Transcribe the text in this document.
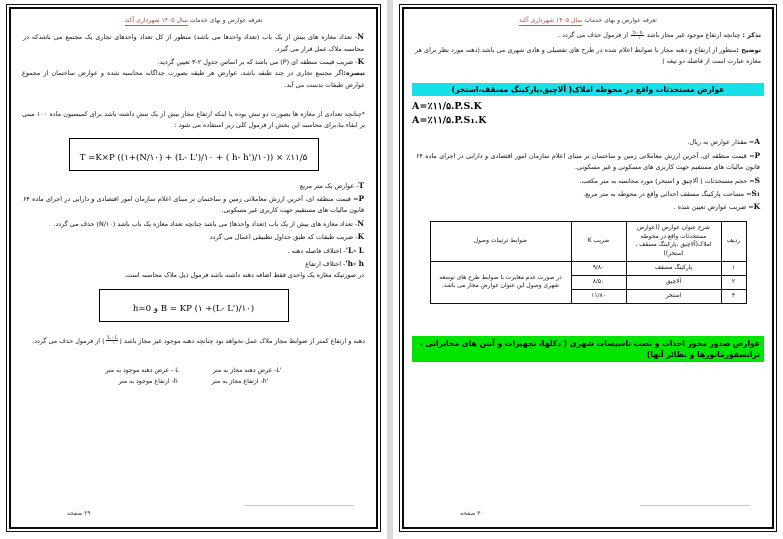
تعرفه عوارض و بهای خدمات سال ۱۴۰۵ شهرداری آکند

تذکر : چنانچه ارتفاع موجود غیر مجاز باشد
$\frac{h - h'}{۱۰}$
از فرمول حذف می گردد .

توضیح :منظور از ارتفاع و دهنه مجاز با ضوابط اعلام شده در طرح های تفصیلی و هادی شهری می باشد.(دهنه مورد نظر برای هر مغازه عبارت است از فاصله دو تیغه )

عوارض مستحدثات واقع در محوطه املاک( آلاچیق،پارکینگ مسقف،استخر)
A=٪۱۱/۵.P.S.K
A=٪۱۱/۵.P.S₁.K

A= مقدار عوارض به ریال.

P= قیمت منطقه ای، آخرین ارزش معاملاتی زمین و ساختمان بر مبنای اعلام سازمان امور اقتصادی و دارایی در اجرای ماده ۶۴ قانون مالیات های مستقیم جهت کاربری های مسکونی و غیر مسکونی.

S= حجم مستحدثات ( آلاچیق و استخر) مورد محاسبه به متر مکعب.

S₁= مساحت پارکینگ مسقف احداثی واقع در محوطه به متر مربع.

K= ضریب عوارض تعیین شده .

ردیف	شرح عنوان عوارض ((عوارض مستحدثات واقع در محوطه املاک(آلاچیق ،پارکینگ مسقف ، استخر))	ضریب K	ضوابط ترتیبات وصول
۱	پارکینگ مسقف	۹/۸۰	در صورت عدم مغایرت با ضوابط طرح های توسعه شهری وصول این عنوان عوارض مجاز می باشد.
۲	آلاچیق	۸/۵۰	
۳	استخر	۱۱/۸۰	
عوارض صدور مجوز احداث و نصب تاسیسات شهری ( دکلها، تجهیزات و آنتن های مخابراتی ، ترانسفورماتورها و نظائر آنها)
۳۰ صفحه
تعرفه عوارض و بهای خدمات سال ۱۴۰۵ شهرداری آکند

N- تعداد مغازه های بیش از یک باب (تعداد واحدها می باشد) منظور از کل تعداد واحدهای تجاری یک مجتمع می باشدکه در محاسبه ملاک عمل قرار می گیرد.

K- ضریب قیمت منطقه ای (P) می باشد که بر اساس جدول ۲-۳ تعیین گردید.

تبصره:اگر مجتمع تجاری در چند طبقه باشد، عوارض هر طبقه بصورت جداگانه محاسبه شده و عوارض ساختمان از مجموع عوارض طبقات بدست می آید.

*چنانچه تعدادی از مغازه ها بصورت دو نبش بوده یا اینکه ارتفاع مجاز بیش از یک نبش داشته باشد برای کمیسیون ماده ۱۰۰ مبنی بر ابقاء بنا،برای محاسبه این بخش از فرمول کلی زیر استفاده می شود :

T =K×P ((۱+(N/۱۰) + (L- L')/۱۰ + ( h- h')/۱۰)) × ٪۱۱/۵

T- عوارض یک متر مربع

P= قیمت منطقه ای، آخرین ارزش معاملاتی زمین و ساختمان بر مبنای اعلام سازمان امور اقتصادی و دارایی در اجرای ماده ۶۴ قانون مالیات های مستقیم جهت کاربری غیر مسکونی.

N- تعداد مغازه های بیش از یک باب (تعداد واحدها) می باشد چنانچه تعداد مغازه یک باب باشد (N/۱۰) حذف می گردد.

K- ضریب طبقات که طبق جداول تطبیقی اعمال می گردد

L- L'- اختلاف فاصله دهنه .

h- h'- اختلاف ارتفاع

در صورتیکه مغازه یک واحدی فقط اضافه دهنه داشته باشد فرمول ذیل ملاک محاسبه است.

h=0 و B = KP (۱ +(L- L')/۱۰)

دهنه و ارتفاع کمتر از ضوابط مجاز ملاک عمل نخواهد بود چنانچه دهنه موجود غیر مجاز باشد (
$\frac{L - L'}{۱۰}$
) از فرمول حذف می گردد.

'L- عرض دهنه مجاز به متر
L - عرض دهنه موجود به متر
'h- ارتفاع مجاز به متر
h- ارتفاع موجود به متر
۲۹ صفحه
